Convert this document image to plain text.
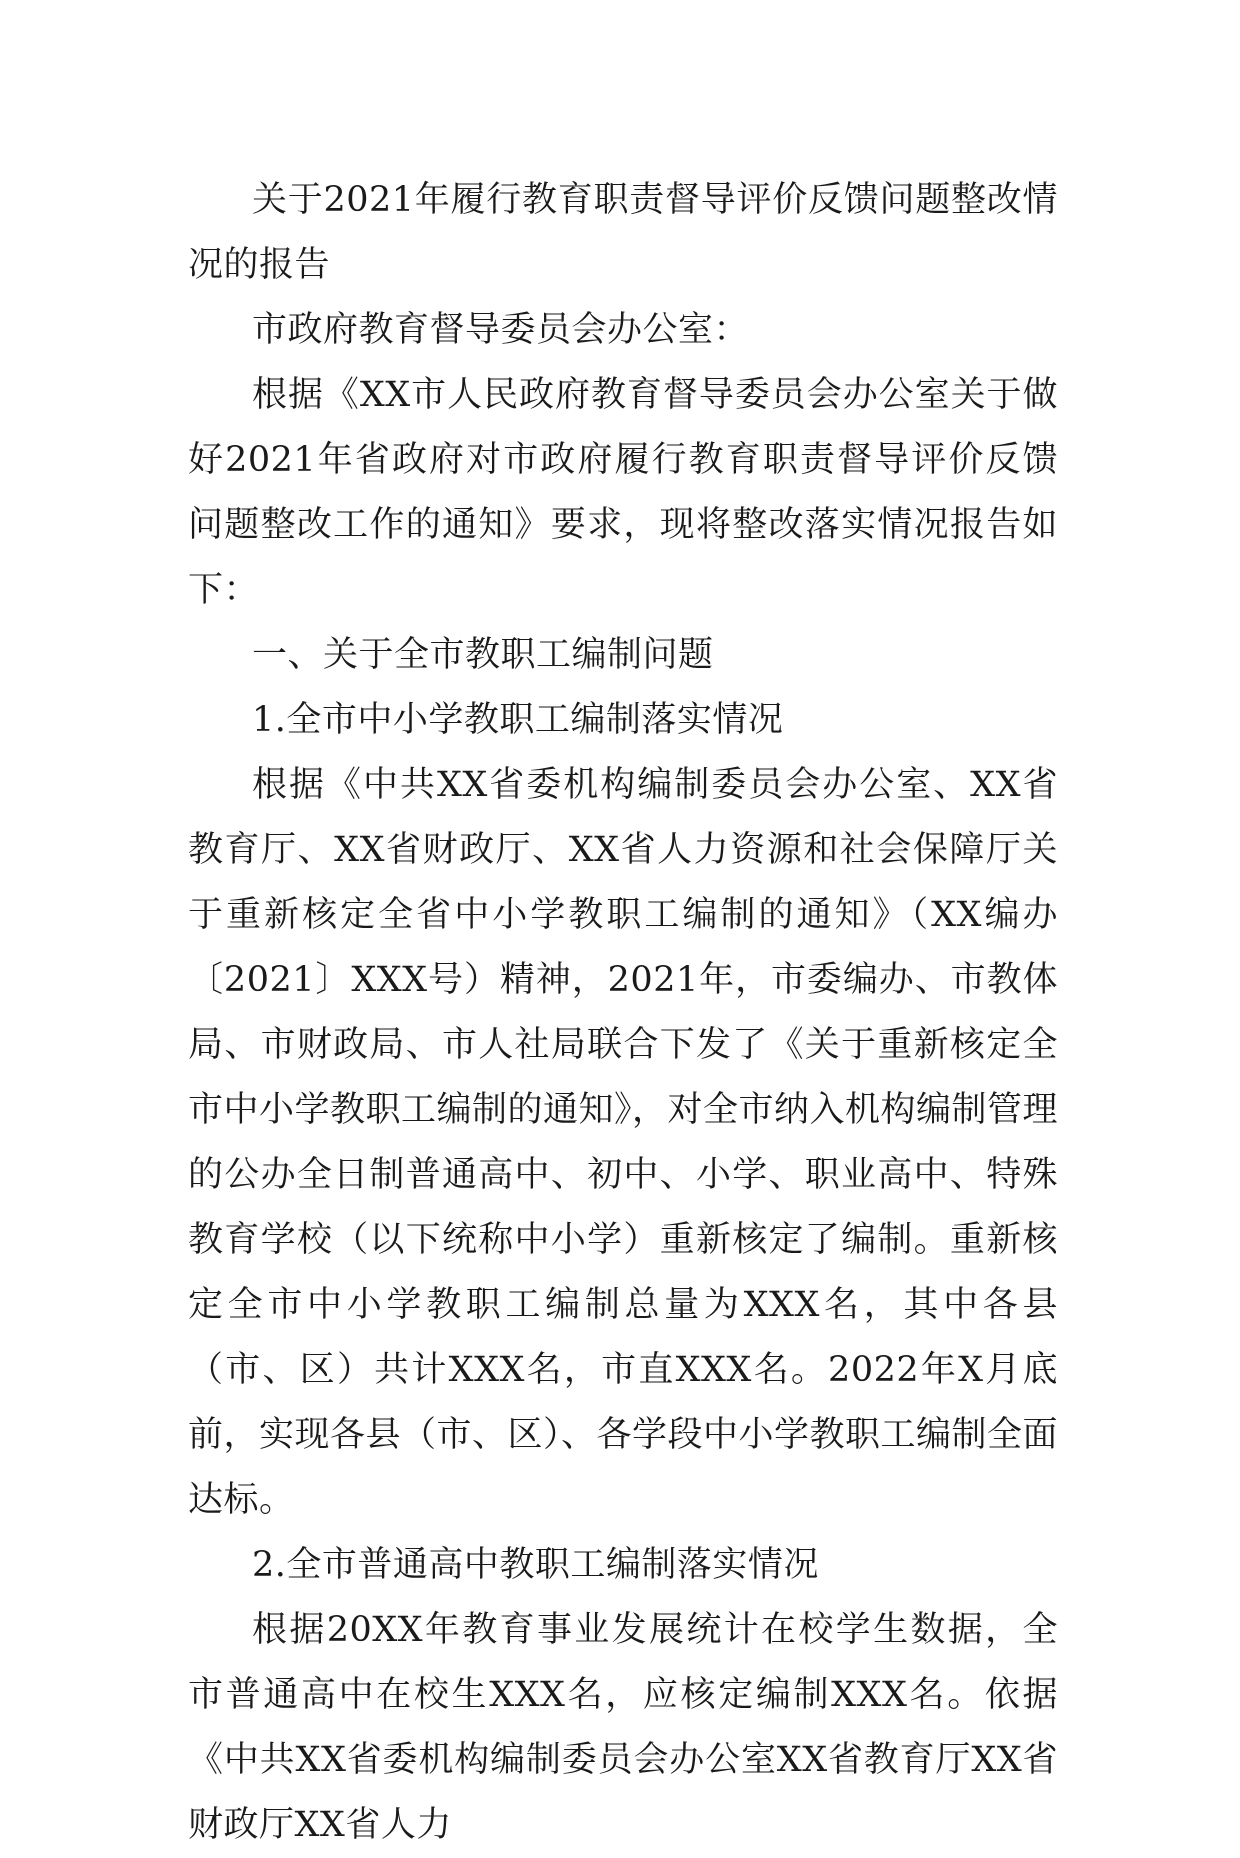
关于2021年履行教育职责督导评价反馈问题整改情况的报告

市政府教育督导委员会办公室：

根据《XX市人民政府教育督导委员会办公室关于做好2021年省政府对市政府履行教育职责督导评价反馈问题整改工作的通知》要求，现将整改落实情况报告如下：

一、关于全市教职工编制问题

1.全市中小学教职工编制落实情况

根据《中共XX省委机构编制委员会办公室、XX省教育厅、XX省财政厅、XX省人力资源和社会保障厅关于重新核定全省中小学教职工编制的通知》（XX编办〔2021〕XXX号）精神，2021年，市委编办、市教体局、市财政局、市人社局联合下发了《关于重新核定全市中小学教职工编制的通知》，对全市纳入机构编制管理的公办全日制普通高中、初中、小学、职业高中、特殊教育学校（以下统称中小学）重新核定了编制。重新核定全市中小学教职工编制总量为XXX名，其中各县（市、区）共计XXX名，市直XXX名。2022年X月底前，实现各县（市、区）、各学段中小学教职工编制全面达标。

2.全市普通高中教职工编制落实情况

根据20XX年教育事业发展统计在校学生数据，全市普通高中在校生XXX名，应核定编制XXX名。依据《中共XX省委机构编制委员会办公室XX省教育厅XX省财政厅XX省人力
